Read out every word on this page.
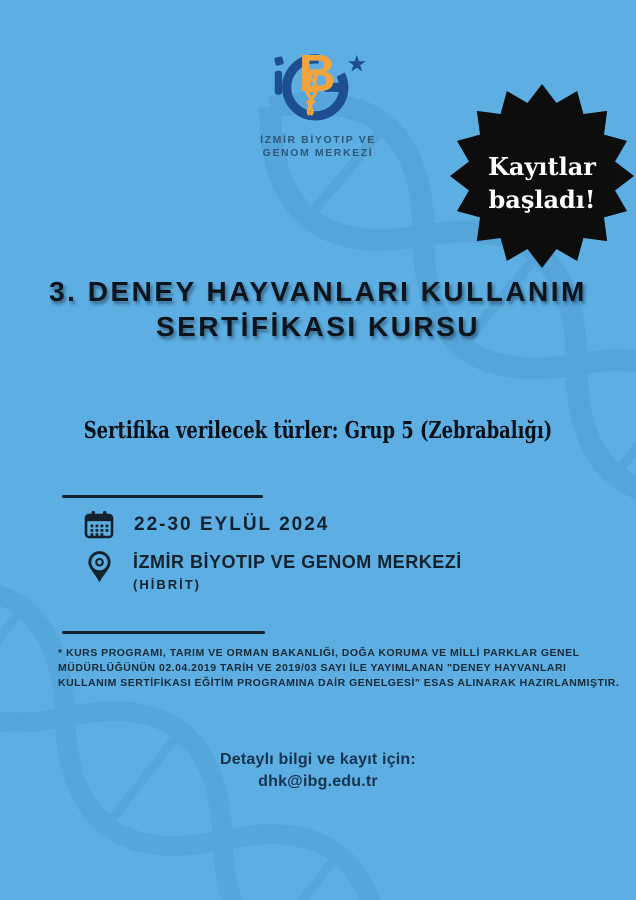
B ★
İZMİR BİYOTIP VE
GENOM MERKEZİ	Kayıtlar
başladı!
3. DENEY HAYVANLARI KULLANIM
SERTİFİKASI KURSU
Sertifika verilecek türler: Grup 5 (Zebrabalığı)
22-30 EYLÜL 2024
İZMİR BİYOTIP VE GENOM MERKEZİ
(HİBRİT)

* KURS PROGRAMI, TARIM VE ORMAN BAKANLIĞI, DOĞA KORUMA VE MİLLİ PARKLAR GENEL
MÜDÜRLÜĞÜNÜN 02.04.2019 TARİH VE 2019/03 SAYI İLE YAYIMLANAN "DENEY HAYVANLARI
KULLANIM SERTİFİKASI EĞİTİM PROGRAMINA DAİR GENELGESİ" ESAS ALINARAK HAZIRLANMIŞTIR.

Detaylı bilgi ve kayıt için:
dhk@ibg.edu.tr
